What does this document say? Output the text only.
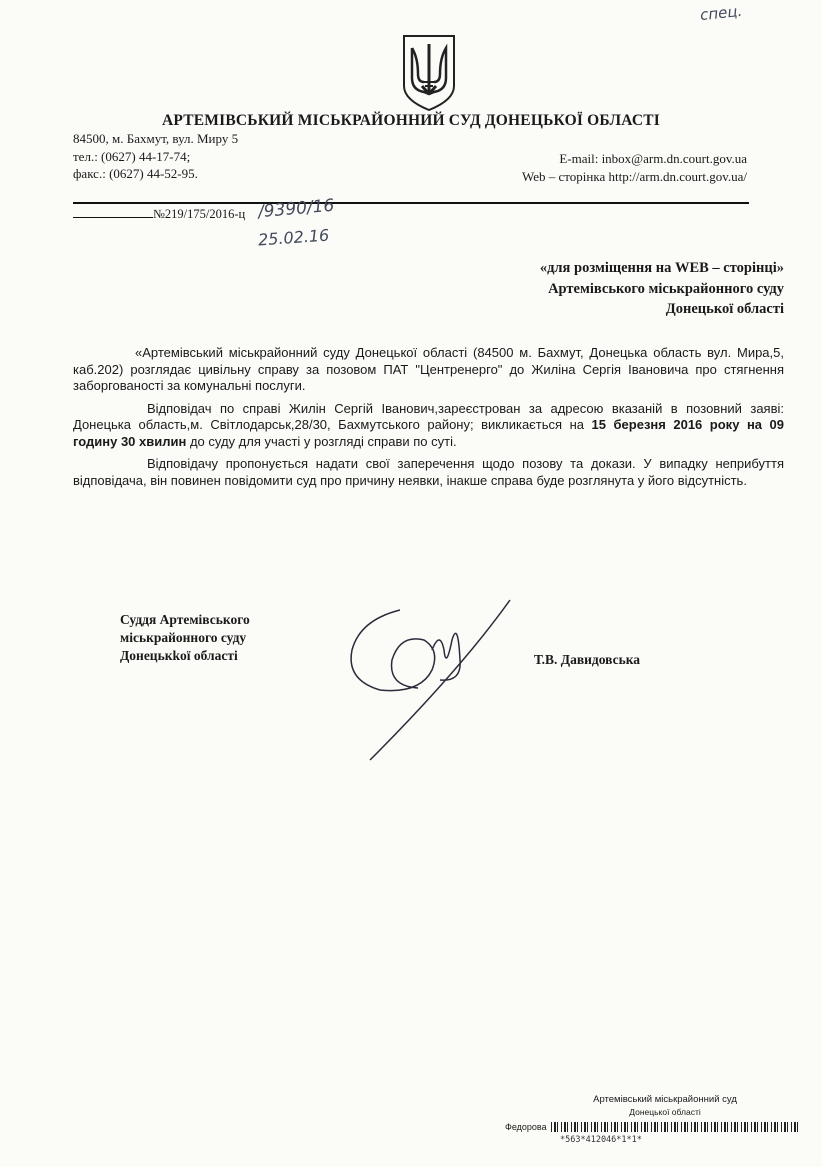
АРТЕМІВСЬКИЙ МІСЬКРАЙОННИЙ СУД ДОНЕЦЬКОЇ ОБЛАСТІ
84500, м. Бахмут, вул. Миру 5
тел.: (0627) 44-17-74;
факс.: (0627) 44-52-95.
E-mail: inbox@arm.dn.court.gov.ua
Web – сторінка http://arm.dn.court.gov.ua/
№219/175/2016-ц /9390/16
25.02.16
спец.
«для розміщення на WEB – сторінці»
Артемівського міськрайонного суду
Донецької області

«Артемівський міськрайонний суду Донецької області (84500 м. Бахмут, Донецька область вул. Мира,5, каб.202) розглядає цивільну справу за позовом ПАТ "Центренерго" до Жиліна Сергія Івановича про стягнення заборгованості за комунальні послуги.

Відповідач по справі Жилін Сергій Іванович,зареєстрован за адресою вказаній в позовний заяві: Донецька область,м. Світлодарськ,28/30, Бахмутського району; викликається на 15 березня 2016 року на 09 годину 30 хвилин до суду для участі у розгляді справи по суті.

Відповідачу пропонується надати свої заперечення щодо позову та докази. У випадку неприбуття відповідача, він повинен повідомити суд про причину неявки, інакше справа буде розглянута у його відсутність.

Суддя Артемівського
міськрайонного суду
Донецькkої області	Т.В. Давидовська
Артемівський міськрайонний суд
Донецької області
Федорова
*563*412046*1*1*
